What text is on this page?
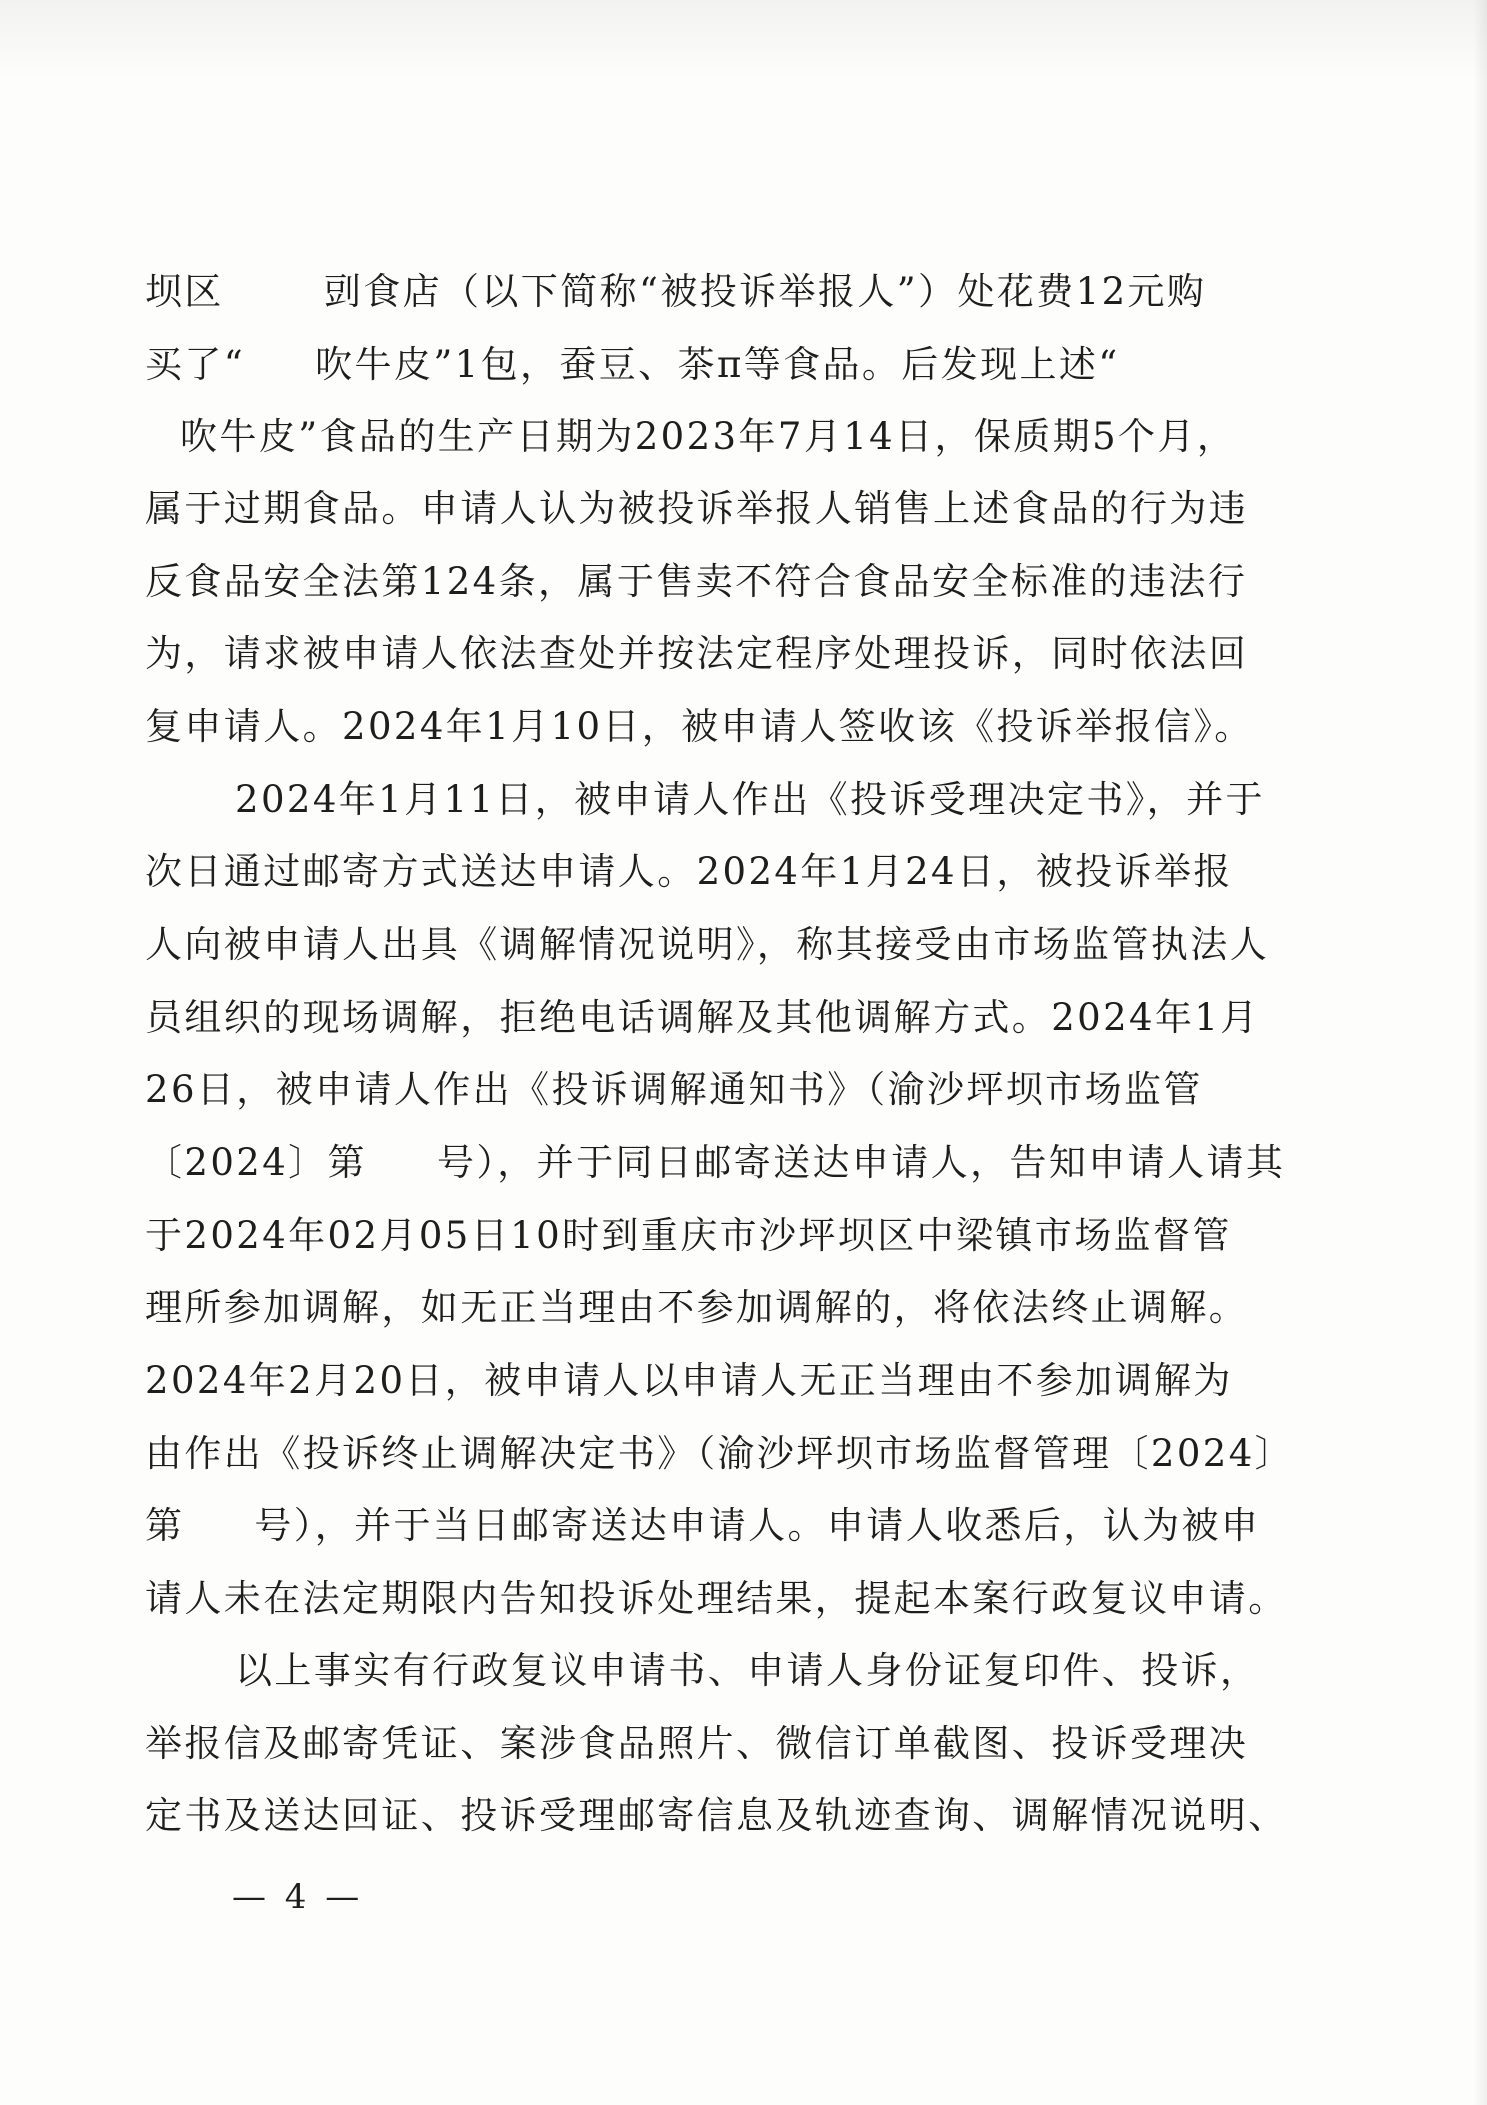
坝区	剅食店（以下简称“被投诉举报人”）处花费12元购
买了“ 吹牛皮”1包，蚕豆、茶π等食品。后发现上述“
吹牛皮”食品的生产日期为2023年7月14日，保质期5个月，
属于过期食品。申请人认为被投诉举报人销售上述食品的行为违
反食品安全法第124条，属于售卖不符合食品安全标准的违法行
为，请求被申请人依法查处并按法定程序处理投诉，同时依法回
复申请人。2024年1月10日，被申请人签收该《投诉举报信》。
2024年1月11日，被申请人作出《投诉受理决定书》，并于
次日通过邮寄方式送达申请人。2024年1月24日，被投诉举报
人向被申请人出具《调解情况说明》，称其接受由市场监管执法人
员组织的现场调解，拒绝电话调解及其他调解方式。2024年1月
26日，被申请人作出《投诉调解通知书》（渝沙坪坝市场监管
〔2024〕第 号），并于同日邮寄送达申请人，告知申请人请其
于2024年02月05日10时到重庆市沙坪坝区中梁镇市场监督管
理所参加调解，如无正当理由不参加调解的，将依法终止调解。
2024年2月20日，被申请人以申请人无正当理由不参加调解为
由作出《投诉终止调解决定书》（渝沙坪坝市场监督管理〔2024〕
第 号），并于当日邮寄送达申请人。申请人收悉后，认为被申
请人未在法定期限内告知投诉处理结果，提起本案行政复议申请。
以上事实有行政复议申请书、申请人身份证复印件、投诉，
举报信及邮寄凭证、案涉食品照片、微信订单截图、投诉受理决
定书及送达回证、投诉受理邮寄信息及轨迹查询、调解情况说明、
— 4 —
